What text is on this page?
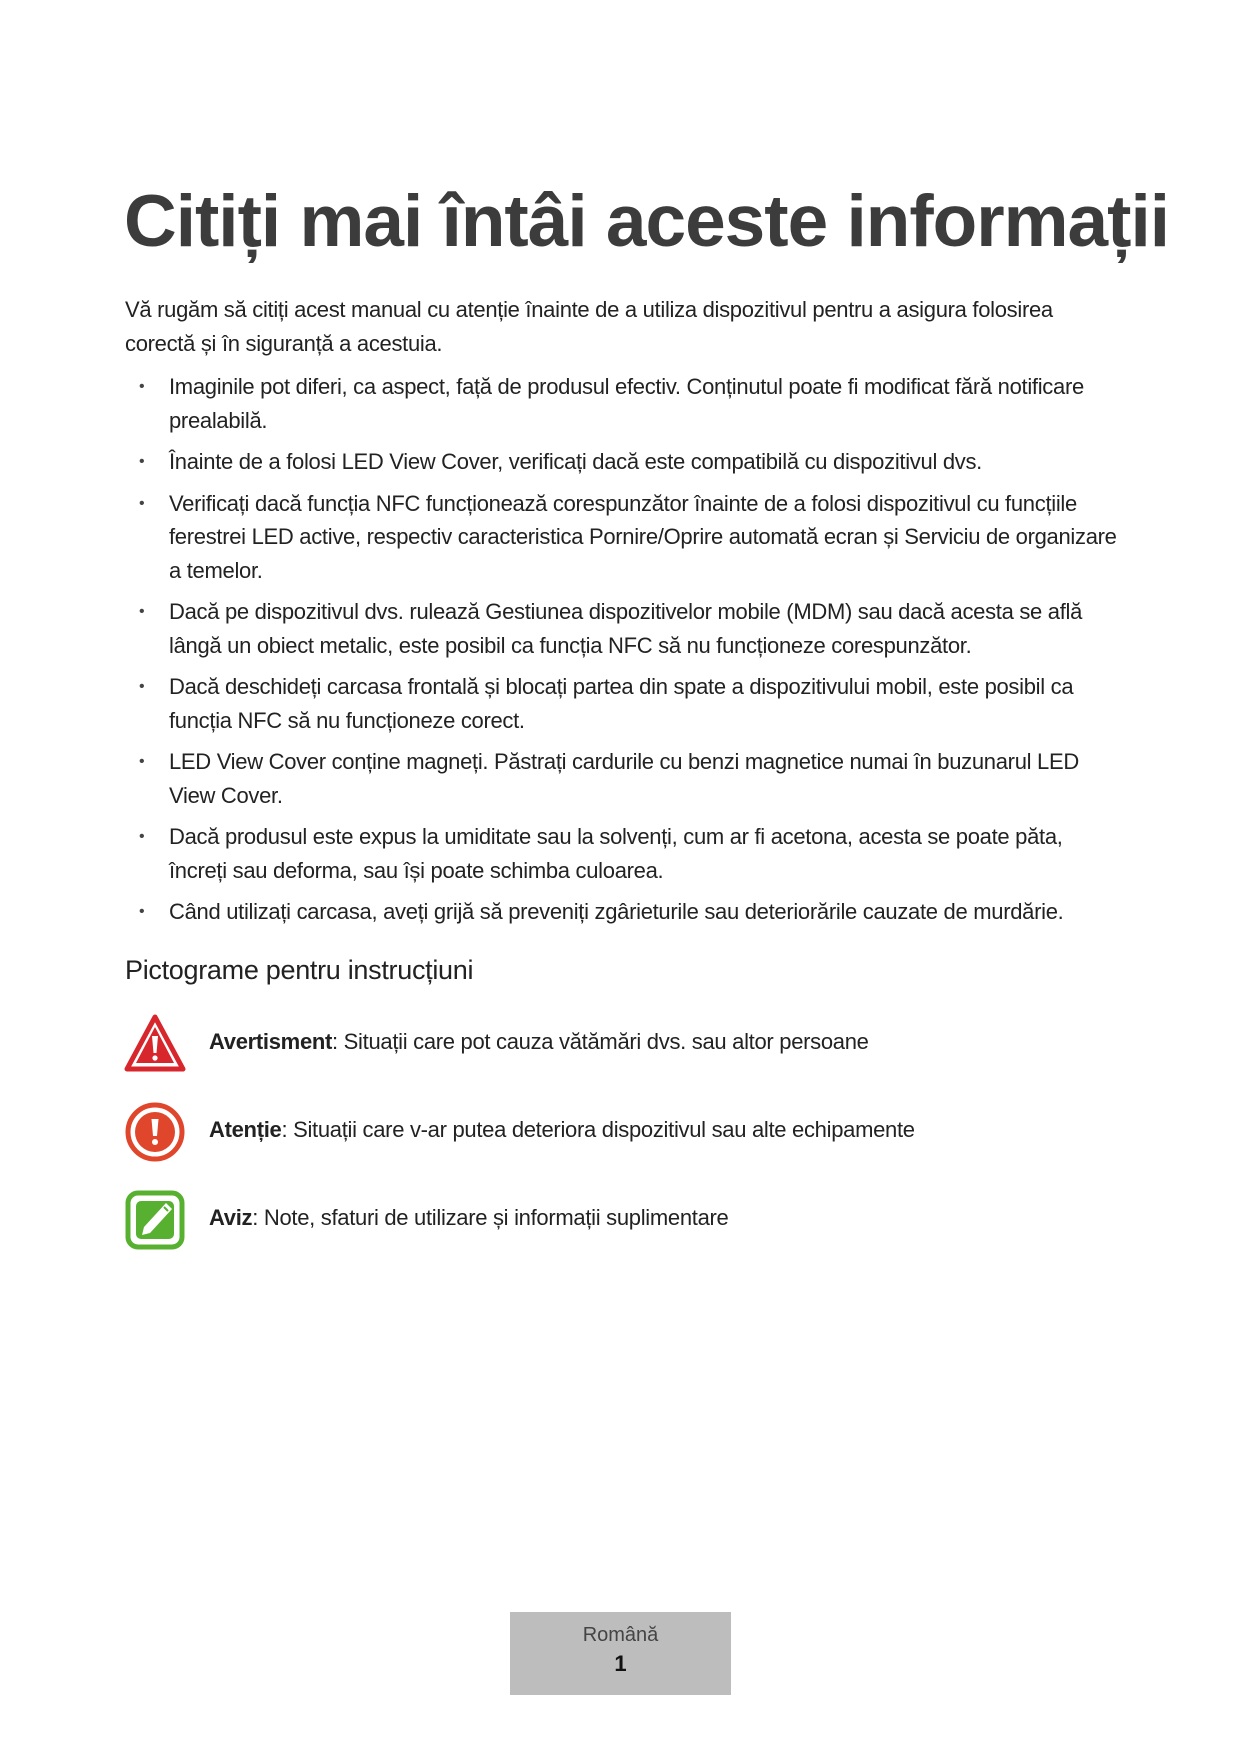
Citiți mai întâi aceste informații

Vă rugăm să citiți acest manual cu atenție înainte de a utiliza dispozitivul pentru a asigura folosirea corectă și în siguranță a acestuia.

• Imaginile pot diferi, ca aspect, față de produsul efectiv. Conținutul poate fi modificat fără notificare prealabilă.
• Înainte de a folosi LED View Cover, verificați dacă este compatibilă cu dispozitivul dvs.
• Verificați dacă funcția NFC funcționează corespunzător înainte de a folosi dispozitivul cu funcțiile ferestrei LED active, respectiv caracteristica Pornire/Oprire automată ecran și Serviciu de organizare a temelor.
• Dacă pe dispozitivul dvs. rulează Gestiunea dispozitivelor mobile (MDM) sau dacă acesta se află lângă un obiect metalic, este posibil ca funcția NFC să nu funcționeze corespunzător.
• Dacă deschideți carcasa frontală și blocați partea din spate a dispozitivului mobil, este posibil ca funcția NFC să nu funcționeze corect.
• LED View Cover conține magneți. Păstrați cardurile cu benzi magnetice numai în buzunarul LED View Cover.
• Dacă produsul este expus la umiditate sau la solvenți, cum ar fi acetona, acesta se poate păta, încreți sau deforma, sau își poate schimba culoarea.
• Când utilizați carcasa, aveți grijă să preveniți zgârieturile sau deteriorările cauzate de murdărie.
Pictograme pentru instrucțiuni
Avertisment: Situații care pot cauza vătămări dvs. sau altor persoane
Atenție: Situații care v-ar putea deteriora dispozitivul sau alte echipamente
Aviz: Note, sfaturi de utilizare și informații suplimentare
Română
1
